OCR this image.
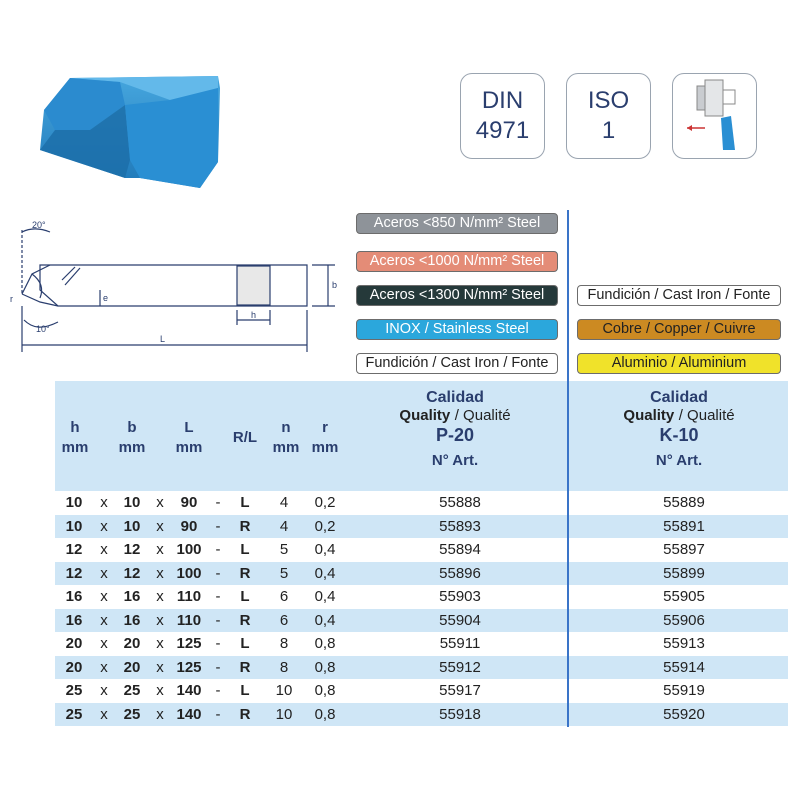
DIN
4971
ISO
1
20°
10°
r	e
h
b
L
Aceros <850 N/mm² Steel
Aceros <1000 N/mm² Steel
Aceros <1300 N/mm² Steel
INOX / Stainless Steel
Fundición / Cast Iron / Fonte
Fundición / Cast Iron / Fonte
Cobre / Copper / Cuivre
Aluminio / Aluminium
h
mm
b
mm
L
mm
R/L
n
mm
r
mm
Calidad
Quality / Qualité
P-20
N° Art.
Calidad
Quality / Qualité
K-10
N° Art.
10	x	10	x	90	-	L	4	0,2	55888	55889
10	x	10	x	90	-	R	4	0,2	55893	55891
12	x	12	x 100 -	L	5	0,4	55894	55897
12	x	12	x 100 -	R	5	0,4	55896	55899
16	x	16	x 110 -	L	6	0,4	55903	55905
16	x	16	x 110 -	R	6	0,4	55904	55906
20	x	20	x 125 -	L	8	0,8	55911	55913
20	x	20	x 125 -	R	8	0,8	55912	55914
25	x	25	x 140 -	L	10	0,8	55917	55919
25	x	25	x 140 -	R	10	0,8	55918	55920
